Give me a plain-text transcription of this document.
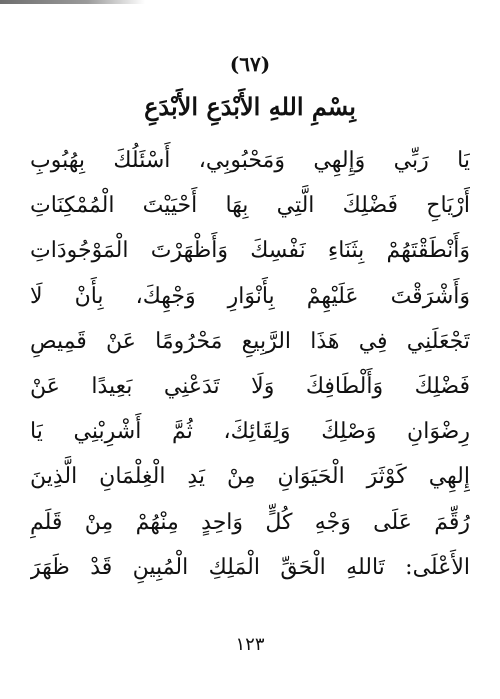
(٦٧)
بِسْمِ اللهِ الأَبْدَعِ الأَبْدَعِ
يَا رَبِّي وَإِلهِي وَمَحْبُوبِي، أَسْئَلُكَ بِهُبُوبِ
أَرْيَاحِ فَضْلِكَ الَّتِي بِهَا أَحْيَيْتَ الْمُمْكِنَاتِ
وَأَنْطَقْتَهُمْ بِثَنَاءِ نَفْسِكَ وَأَظْهَرْتَ الْمَوْجُودَاتِ
وَأَشْرَقْتَ عَلَيْهِمْ بِأَنْوَارِ وَجْهِكَ، بِأَنْ لَا
تَجْعَلَنِي فِي هَذَا الرَّبِيعِ مَحْرُومًا عَنْ قَمِيصِ
فَضْلِكَ وَأَلْطَافِكَ وَلَا تَدَعْنِي بَعِيدًا عَنْ
رِضْوَانِ وَصْلِكَ وَلِقَائِكَ، ثُمَّ أَشْرِبْنِي يَا
إِلهِي كَوْثَرَ الْحَيَوَانِ مِنْ يَدِ الْغِلْمَانِ الَّذِينَ
رُقِّمَ عَلَى وَجْهِ كُلٍّ وَاحِدٍ مِنْهُمْ مِنْ قَلَمِ
الأَعْلَى: تَاللهِ الْحَقِّ الْمَلِكِ الْمُبِينِ قَدْ ظَهَرَ
١٢٣
